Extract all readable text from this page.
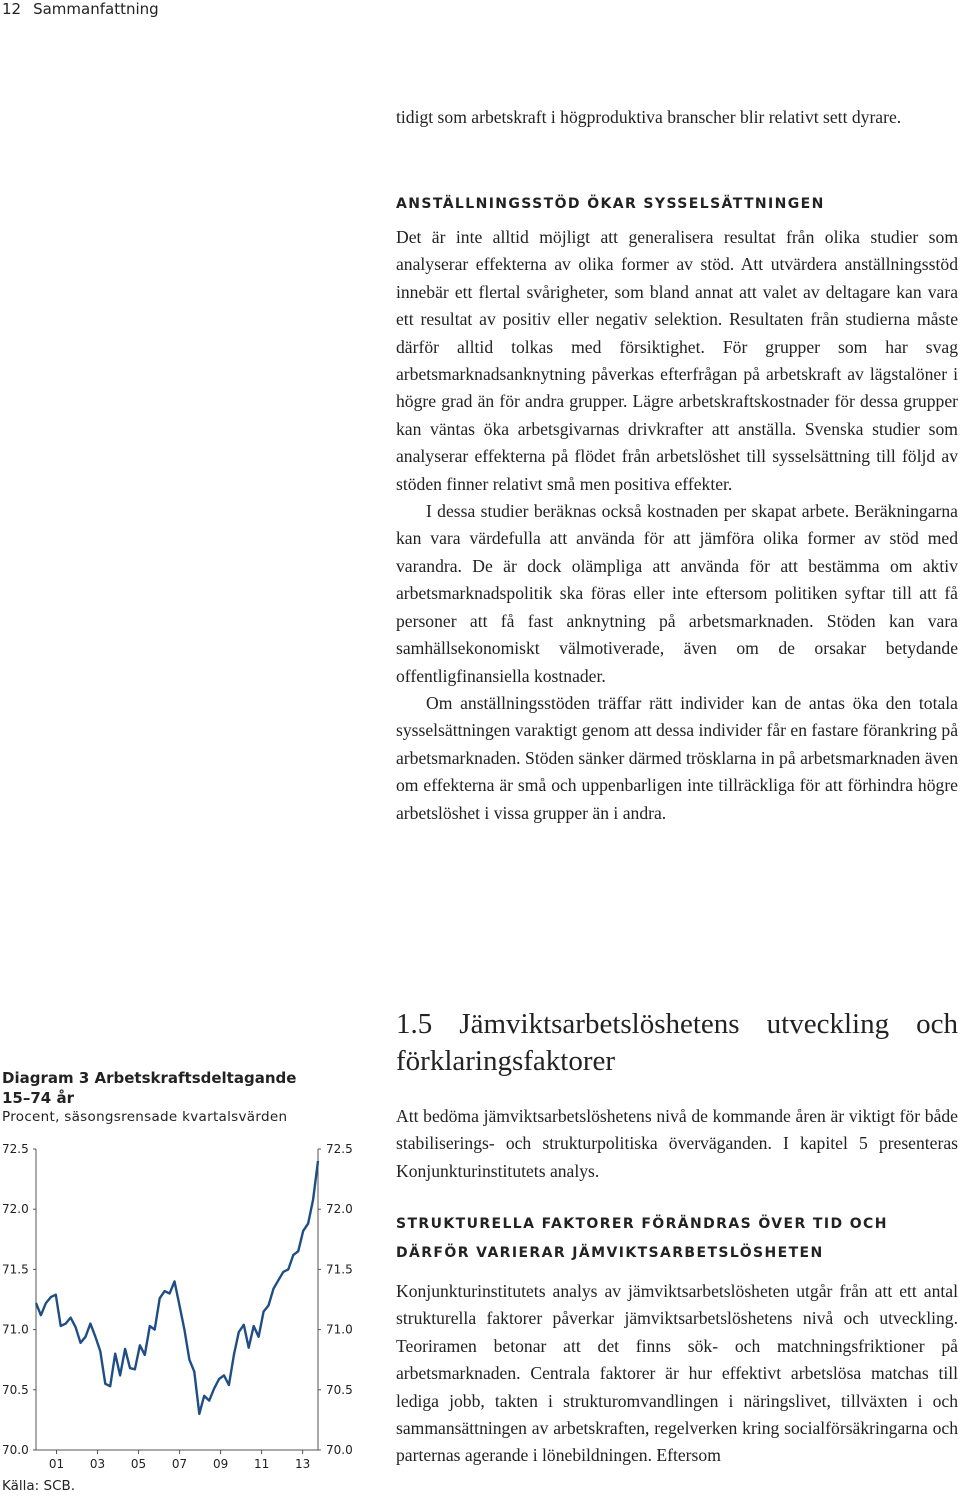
12 Sammanfattning

tidigt som arbetskraft i högproduktiva branscher blir relativt sett dyrare.

ANSTÄLLNINGSSTÖD ÖKAR SYSSELSÄTTNINGEN

Det är inte alltid möjligt att generalisera resultat från olika studier som analyserar effekterna av olika former av stöd. Att utvärdera anställningsstöd innebär ett flertal svårigheter, som bland annat att valet av deltagare kan vara ett resultat av positiv eller negativ selektion. Resultaten från studierna måste därför alltid tolkas med försiktighet. För grupper som har svag arbetsmarknadsanknytning påverkas efterfrågan på arbetskraft av lägstalöner i högre grad än för andra grupper. Lägre arbetskraftskostnader för dessa grupper kan väntas öka arbetsgivarnas drivkrafter att anställa. Svenska studier som analyserar effekterna på flödet från arbetslöshet till sysselsättning till följd av stöden finner relativt små men positiva effekter.

I dessa studier beräknas också kostnaden per skapat arbete. Beräkningarna kan vara värdefulla att använda för att jämföra olika former av stöd med varandra. De är dock olämpliga att använda för att bestämma om aktiv arbetsmarknadspolitik ska föras eller inte eftersom politiken syftar till att få personer att få fast anknytning på arbetsmarknaden. Stöden kan vara samhällsekonomiskt välmotiverade, även om de orsakar betydande offentligfinansiella kostnader.

Om anställningsstöden träffar rätt individer kan de antas öka den totala sysselsättningen varaktigt genom att dessa individer får en fastare förankring på arbetsmarknaden. Stöden sänker därmed trösklarna in på arbetsmarknaden även om effekterna är små och uppenbarligen inte tillräckliga för att förhindra högre arbetslöshet i vissa grupper än i andra.

1.5 Jämviktsarbetslöshetens utveckling och förklaringsfaktorer

Att bedöma jämviktsarbetslöshetens nivå de kommande åren är viktigt för både stabiliserings- och strukturpolitiska överväganden. I kapitel 5 presenteras Konjunkturinstitutets analys.

STRUKTURELLA FAKTORER FÖRÄNDRAS ÖVER TID OCH
DÄRFÖR VARIERAR JÄMVIKTSARBETSLÖSHETEN

Konjunkturinstitutets analys av jämviktsarbetslösheten utgår från att ett antal strukturella faktorer påverkar jämviktsarbetslöshetens nivå och utveckling. Teoriramen betonar att det finns sök- och matchningsfriktioner på arbetsmarknaden. Centrala faktorer är hur effektivt arbetslösa matchas till lediga jobb, takten i strukturomvandlingen i näringslivet, tillväxten i och sammansättningen av arbetskraften, regelverken kring socialförsäkringarna och parternas agerande i lönebildningen. Eftersom

Diagram 3 Arbetskraftsdeltagande

15–74 år

Procent, säsongsrensade kvartalsvärden

72.5	72.5
72.0	72.0
71.5	71.5
71.0	71.0
70.5	70.5
70.0	70.0
01 03 05 07 09 11 13
Källa: SCB.
